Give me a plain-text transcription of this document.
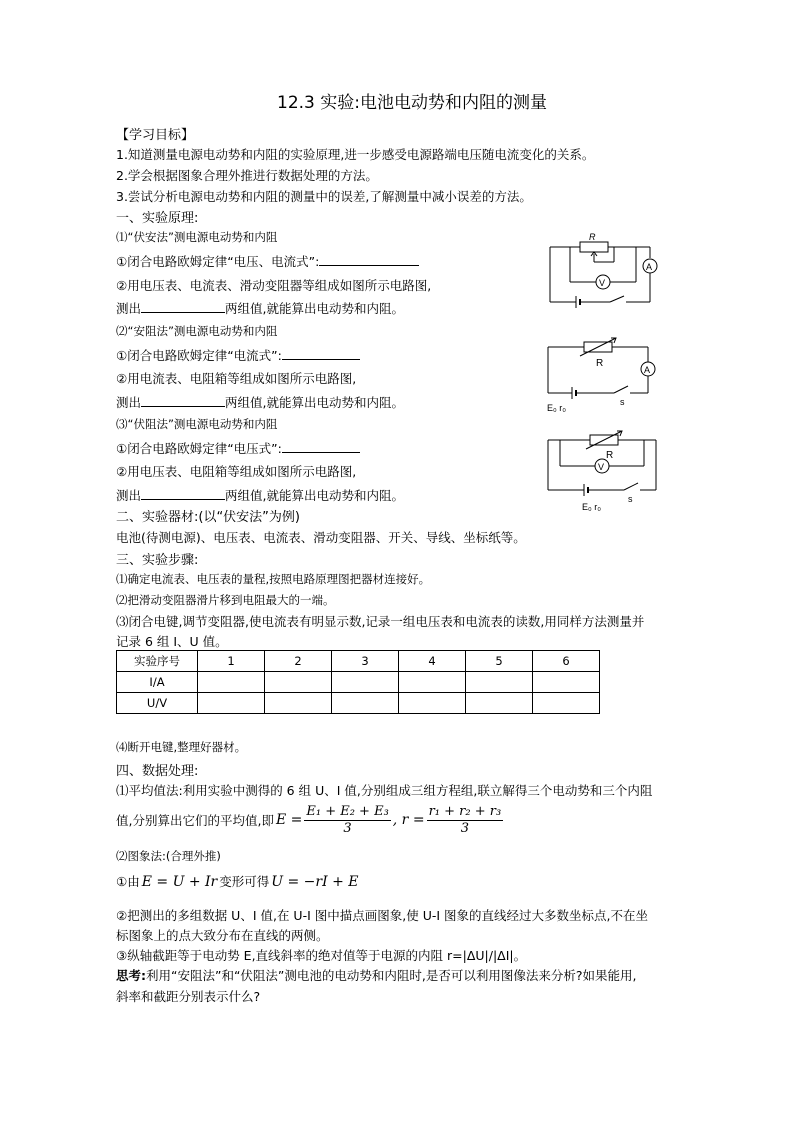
12.3 实验:电池电动势和内阻的测量
【学习目标】
1.知道测量电源电动势和内阻的实验原理,进一步感受电源路端电压随电流变化的关系。
2.学会根据图象合理外推进行数据处理的方法。
3.尝试分析电源电动势和内阻的测量中的误差,了解测量中减小误差的方法。
一、实验原理:
⑴“伏安法”测电源电动势和内阻
①闭合电路欧姆定律“电压、电流式”:
②用电压表、电流表、滑动变阻器等组成如图所示电路图,
测出	两组值,就能算出电动势和内阻。
⑵“安阻法”测电源电动势和内阻
①闭合电路欧姆定律“电流式”:
②用电流表、电阻箱等组成如图所示电路图,
测出	两组值,就能算出电动势和内阻。
⑶“伏阻法”测电源电动势和内阻
①闭合电路欧姆定律“电压式”:
②用电压表、电阻箱等组成如图所示电路图,
测出	两组值,就能算出电动势和内阻。
R
V
A
R
A
E₀ r₀
s
R
V
E₀ r₀
s
二、实验器材:(以“伏安法”为例)
电池(待测电源)、电压表、电流表、滑动变阻器、开关、导线、坐标纸等。
三、实验步骤:
⑴确定电流表、电压表的量程,按照电路原理图把器材连接好。
⑵把滑动变阻器滑片移到电阻最大的一端。
⑶闭合电键,调节变阻器,使电流表有明显示数,记录一组电压表和电流表的读数,用同样方法测量并
记录 6 组 I、U 值。
实验序号	1	2	3	4	5	6
I/A						
U/V						
⑷断开电键,整理好器材。
四、数据处理:
⑴平均值法:利用实验中测得的 6 组 U、I 值,分别组成三组方程组,联立解得三个电动势和三个内阻
值,分别算出它们的平均值,即 $E = \frac{\text{E₁ + E₂ + E₃}}{3}$ , $r = \frac{\text{r₁ + r₂ + r₃}}{3}$
⑵图象法:(合理外推)
①由 E = U + Ir 变形可得 U = −rI + E
②把测出的多组数据 U、I 值,在 U-I 图中描点画图象,使 U-I 图象的直线经过大多数坐标点,不在坐
标图象上的点大致分布在直线的两侧。
③纵轴截距等于电动势 E,直线斜率的绝对值等于电源的内阻 r=|ΔU|/|ΔI|。
思考:利用“安阻法”和“伏阻法”测电池的电动势和内阻时,是否可以利用图像法来分析?如果能用,
斜率和截距分别表示什么?
